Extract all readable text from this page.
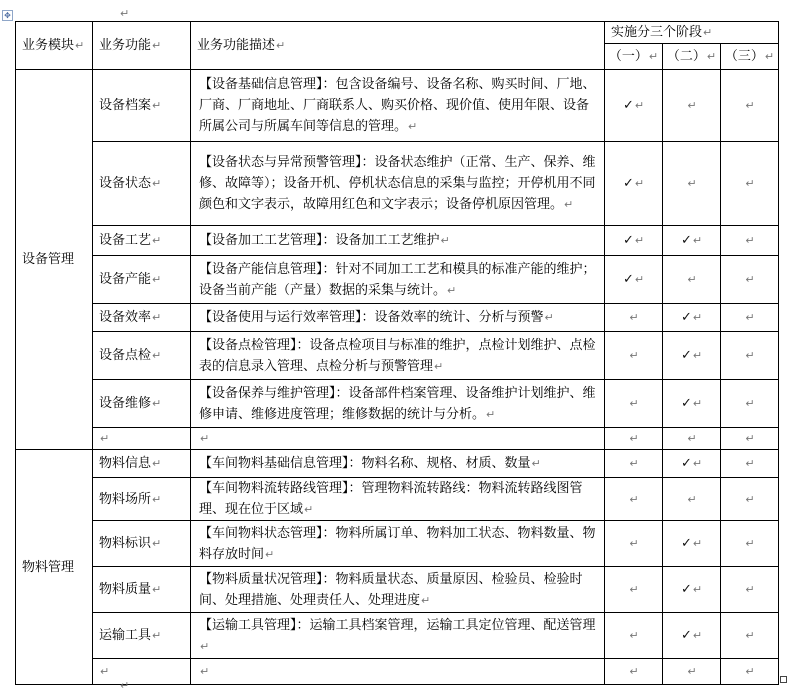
✥	↵
业务模块↵	业务功能↵	业务功能描述↵	实施分三个阶段↵		
			（一）↵	（二）↵	（三）↵
设备管理	设备档案↵	【设备基础信息管理】：包含设备编号、设备名称、购买时间、厂地、厂商、厂商地址、厂商联系人、购买价格、现价值、使用年限、设备所属公司与所属车间等信息的管理。↵	✓↵	↵	↵
	设备状态↵	【设备状态与异常预警管理】：设备状态维护（正常、生产、保养、维修、故障等）；设备开机、停机状态信息的采集与监控；开停机用不同颜色和文字表示，故障用红色和文字表示；设备停机原因管理。↵	✓↵	↵	↵
	设备工艺↵	【设备加工工艺管理】：设备加工工艺维护↵	✓↵	✓↵	↵
	设备产能↵	【设备产能信息管理】：针对不同加工工艺和模具的标准产能的维护；设备当前产能（产量）数据的采集与统计。↵	✓↵	↵	↵
	设备效率↵	【设备使用与运行效率管理】：设备效率的统计、分析与预警↵	↵	✓↵	↵
	设备点检↵	【设备点检管理】：设备点检项目与标准的维护，点检计划维护、点检表的信息录入管理、点检分析与预警管理↵	↵	✓↵	↵
	设备维修↵	【设备保养与维护管理】：设备部件档案管理、设备维护计划维护、维修申请、维修进度管理；维修数据的统计与分析。↵	↵	✓↵	↵
	↵	↵	↵	↵	↵
物料管理	物料信息↵	【车间物料基础信息管理】：物料名称、规格、材质、数量↵	↵	✓↵	↵
	物料场所↵	【车间物料流转路线管理】：管理物料流转路线：物料流转路线图管理、现在位于区域↵	↵	↵	↵
	物料标识↵	【车间物料状态管理】：物料所属订单、物料加工状态、物料数量、物料存放时间↵	↵	✓↵	↵
	物料质量↵	【物料质量状况管理】：物料质量状态、质量原因、检验员、检验时间、处理措施、处理责任人、处理进度↵	↵	✓↵	↵
	运输工具↵	【运输工具管理】：运输工具档案管理，运输工具定位管理、配送管理↵	↵	✓↵	↵
	↵	↵	↵	↵	↵
↵
